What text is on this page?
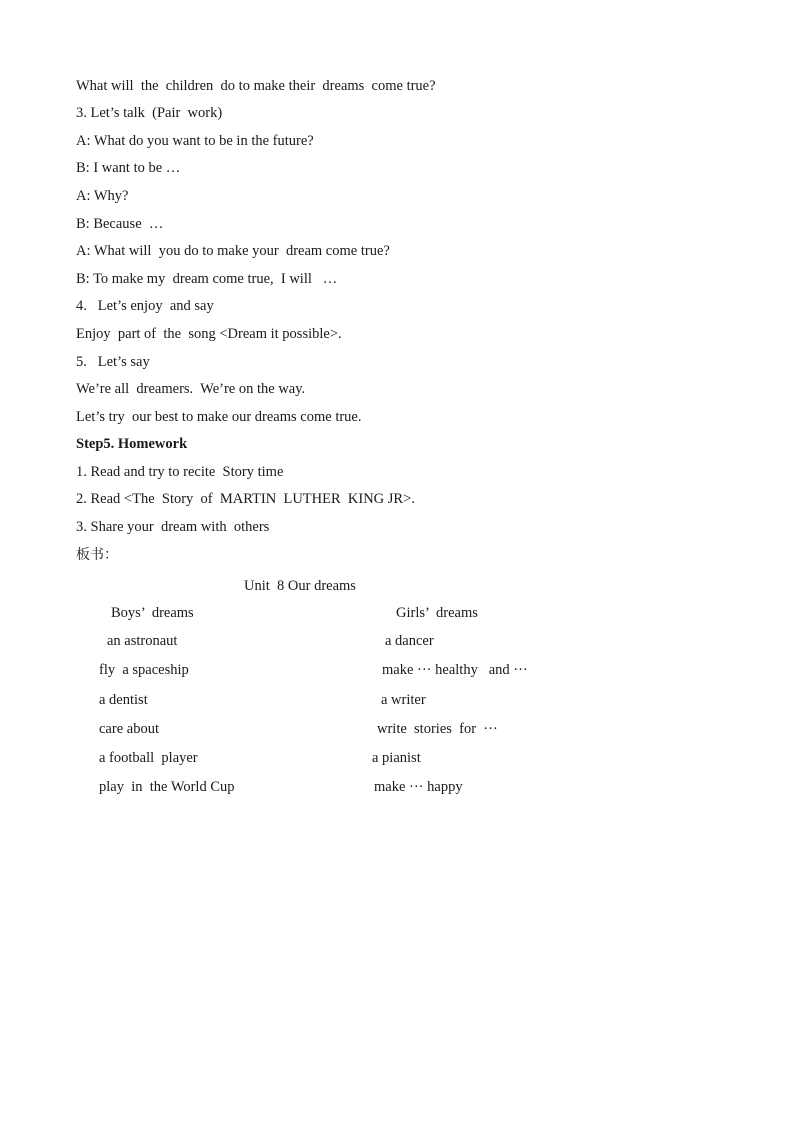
What will  the  children  do to make their  dreams  come true?
3. Let’s talk  (Pair  work)
A: What do you want to be in the future?
B: I want to be …
A: Why?
B: Because  …
A: What will  you do to make your  dream come true?
B: To make my  dream come true,  I will   …
4.   Let’s enjoy  and say
Enjoy  part of  the  song <Dream it possible>.
5.   Let’s say
We’re all  dreamers.  We’re on the way.
Let’s try  our best to make our dreams come true.
Step5. Homework
1. Read and try to recite  Story time
2. Read <The  Story  of  MARTIN  LUTHER  KING JR>.
3. Share your  dream with  others
板书：
Unit  8 Our dreams
Boys’  dreams	Girls’  dreams
an astronaut
fly  a spaceship
a dentist
care about
a football  player
play  in  the World Cup
a dancer
make ··· healthy   and ···
a writer
write  stories  for  ···
a pianist
make ··· happy
